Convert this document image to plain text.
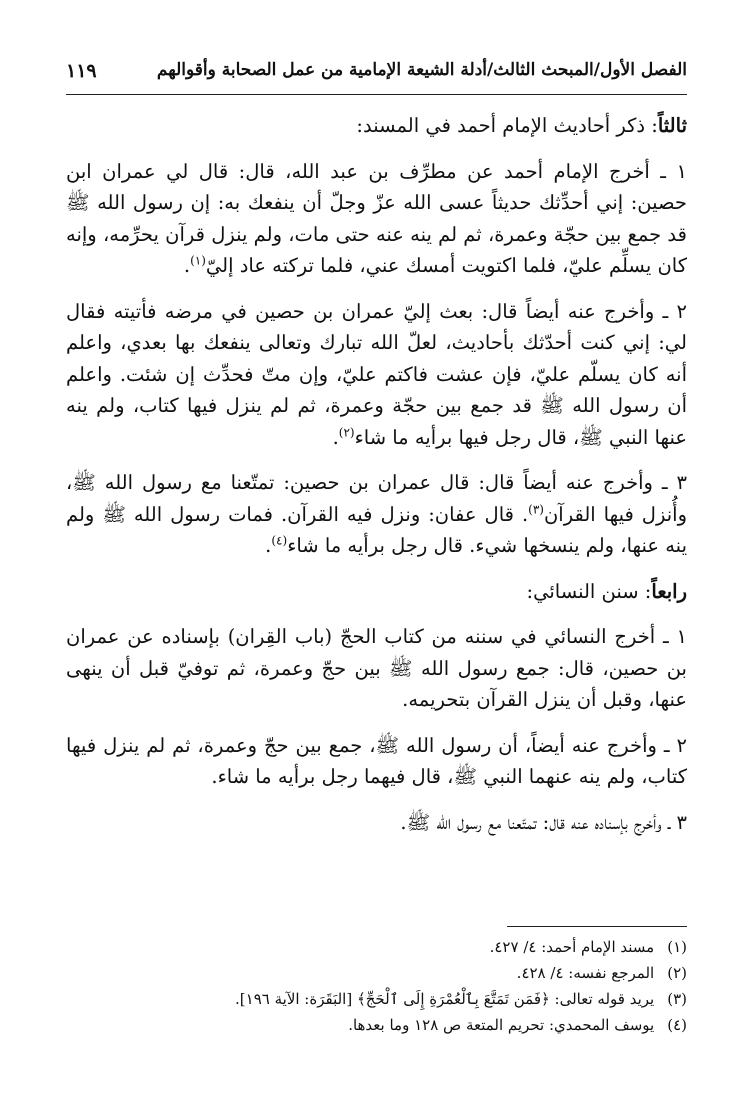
الفصل الأول/المبحث الثالث/أدلة الشيعة الإمامية من عمل الصحابة وأقوالهم
١١٩

ثالثاً: ذكر أحاديث الإمام أحمد في المسند:

١ ـ أخرج الإمام أحمد عن مطرِّف بن عبد الله، قال: قال لي عمران ابن حصين: إني أحدِّثك حديثاً عسى الله عزّ وجلّ أن ينفعك به: إن رسول الله ﷺ قد جمع بين حجّة وعمرة، ثم لم ينه عنه حتى مات، ولم ينزل قرآن يحرِّمه، وإنه كان يسلِّم عليّ، فلما اكتويت أمسك عني، فلما تركته عاد إليّ$^{(١)}$.

٢ ـ وأخرج عنه أيضاً قال: بعث إليّ عمران بن حصين في مرضه فأتيته فقال لي: إني كنت أحدّثك بأحاديث، لعلّ الله تبارك وتعالى ينفعك بها بعدي، واعلم أنه كان يسلّم عليّ، فإن عشت فاكتم عليّ، وإن متّ فحدِّث إن شئت. واعلم أن رسول الله ﷺ قد جمع بين حجّة وعمرة، ثم لم ينزل فيها كتاب، ولم ينه عنها النبي ﷺ، قال رجل فيها برأيه ما شاء$^{(٢)}$.

٣ ـ وأخرج عنه أيضاً قال: قال عمران بن حصين: تمتّعنا مع رسول الله ﷺ، وأُنزل فيها القرآن$^{(٣)}$. قال عفان: ونزل فيه القرآن. فمات رسول الله ﷺ ولم ينه عنها، ولم ينسخها شيء. قال رجل برأيه ما شاء$^{(٤)}$.

رابعاً: سنن النسائي:

١ ـ أخرج النسائي في سننه من كتاب الحجّ (باب القِران) بإسناده عن عمران بن حصين، قال: جمع رسول الله ﷺ بين حجّ وعمرة، ثم توفيّ قبل أن ينهى عنها، وقبل أن ينزل القرآن بتحريمه.

٢ ـ وأخرج عنه أيضاً، أن رسول الله ﷺ، جمع بين حجّ وعمرة، ثم لم ينزل فيها كتاب، ولم ينه عنهما النبي ﷺ، قال فيهما رجل برأيه ما شاء.

٣ ـ وأخرج بإسناده عنه قال: تمتّعنا مع رسول الله ﷺ.

(١) مسند الإمام أحمد: ٤/ ٤٢٧.

(٢) المرجع نفسه: ٤/ ٤٢٨.

(٣) يريد قوله تعالى: ﴿فَمَن تَمَتَّعَ بِٱلْعُمْرَةِ إِلَى ٱلْحَجِّ﴾ [البَقَرَة: الآية ١٩٦].

(٤) يوسف المحمدي: تحريم المتعة ص ١٢٨ وما بعدها.
